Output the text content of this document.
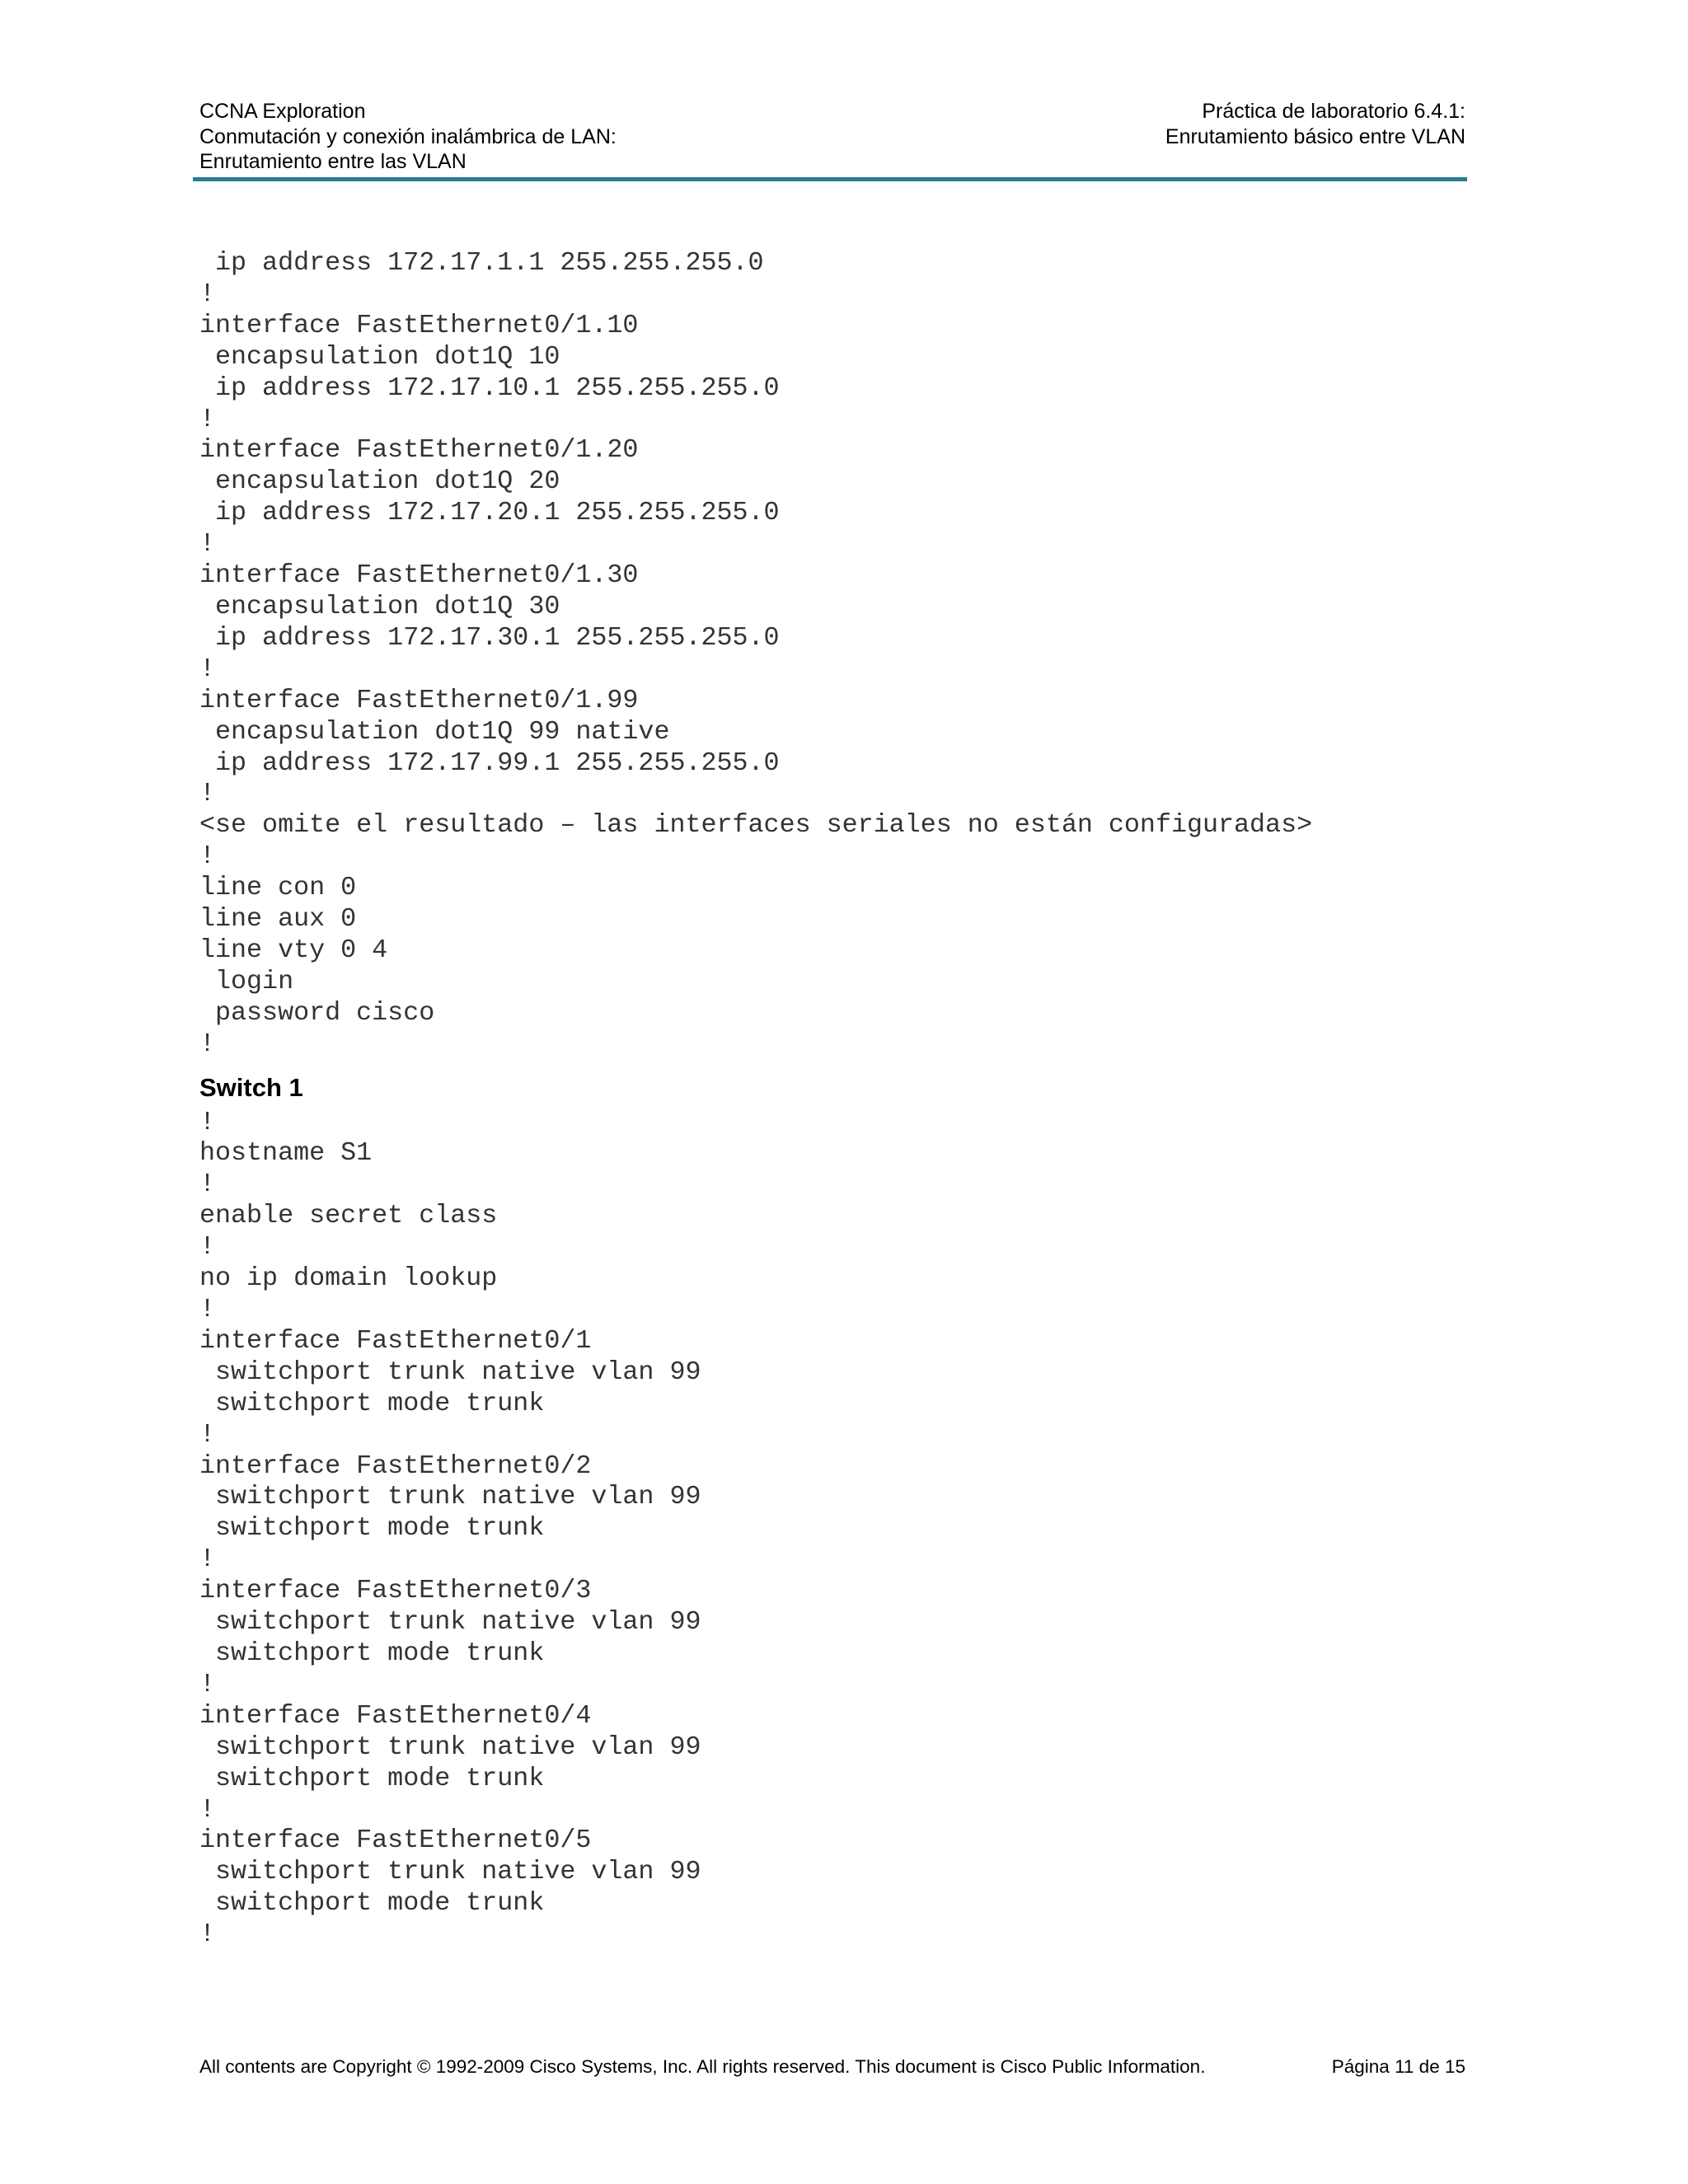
CCNA Exploration
Conmutación y conexión inalámbrica de LAN:
Enrutamiento entre las VLAN
Práctica de laboratorio 6.4.1:
Enrutamiento básico entre VLAN
ip address 172.17.1.1 255.255.255.0
!
interface FastEthernet0/1.10
encapsulation dot1Q 10
ip address 172.17.10.1 255.255.255.0
!
interface FastEthernet0/1.20
encapsulation dot1Q 20
ip address 172.17.20.1 255.255.255.0
!
interface FastEthernet0/1.30
encapsulation dot1Q 30
ip address 172.17.30.1 255.255.255.0
!
interface FastEthernet0/1.99
encapsulation dot1Q 99 native
ip address 172.17.99.1 255.255.255.0
!
<se omite el resultado – las interfaces seriales no están configuradas>
!
line con 0
line aux 0
line vty 0 4
login
password cisco
!
Switch 1
!
hostname S1
!
enable secret class
!
no ip domain lookup
!
interface FastEthernet0/1
switchport trunk native vlan 99
switchport mode trunk
!
interface FastEthernet0/2
switchport trunk native vlan 99
switchport mode trunk
!
interface FastEthernet0/3
switchport trunk native vlan 99
switchport mode trunk
!
interface FastEthernet0/4
switchport trunk native vlan 99
switchport mode trunk
!
interface FastEthernet0/5
switchport trunk native vlan 99
switchport mode trunk
!
All contents are Copyright © 1992-2009 Cisco Systems, Inc. All rights reserved. This document is Cisco Public Information.	Página 11 de 15
